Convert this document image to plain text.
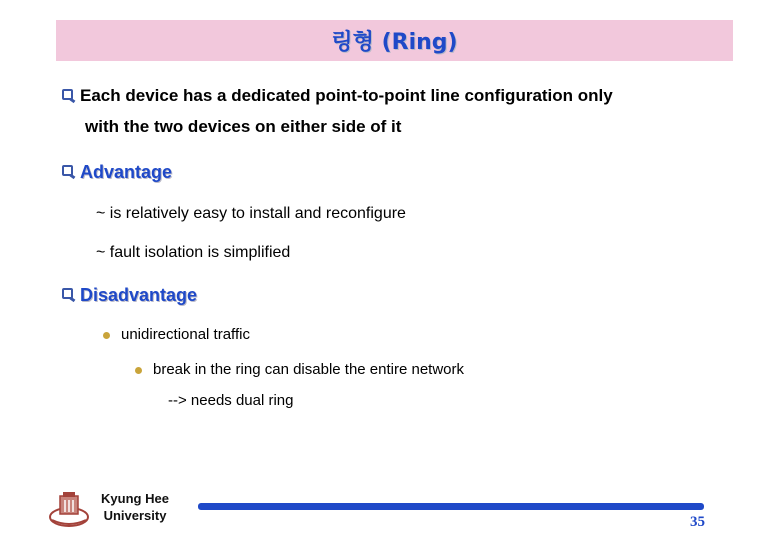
링형 (Ring)
Each device has a dedicated point-to-point line configuration only
with the two devices on either side of it
Advantage
~ is relatively easy to install and reconfigure
~ fault isolation is simplified
Disadvantage
unidirectional traffic
break in the ring can disable the entire network
--> needs dual ring
Kyung Hee
University	35
